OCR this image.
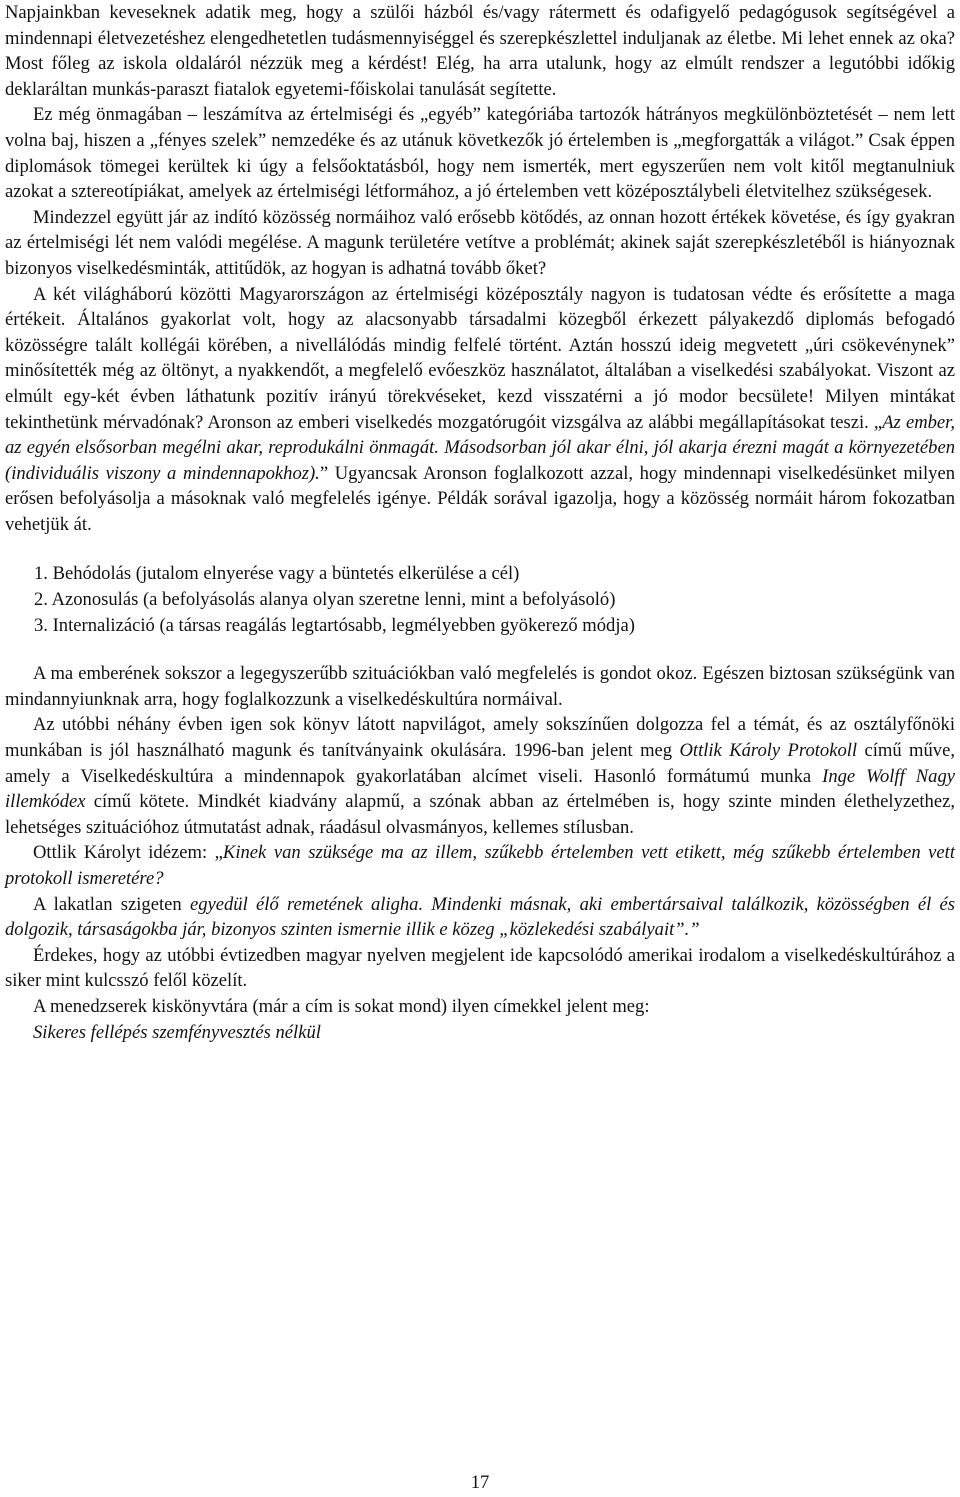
Napjainkban keveseknek adatik meg, hogy a szülői házból és/vagy rátermett és odafigyelő pedagógusok segítségével a mindennapi életvezetéshez elengedhetetlen tudásmennyiséggel és szerepkészlettel induljanak az életbe. Mi lehet ennek az oka? Most főleg az iskola oldaláról nézzük meg a kérdést! Elég, ha arra utalunk, hogy az elmúlt rendszer a legutóbbi időkig deklaráltan munkás-paraszt fiatalok egyetemi-főiskolai tanulását segítette.

Ez még önmagában – leszámítva az értelmiségi és „egyéb” kategóriába tartozók hátrányos megkülönböztetését – nem lett volna baj, hiszen a „fényes szelek” nemzedéke és az utánuk következők jó értelemben is „megforgatták a világot.” Csak éppen diplomások tömegei kerültek ki úgy a felsőoktatásból, hogy nem ismerték, mert egyszerűen nem volt kitől megtanulniuk azokat a sztereotípiákat, amelyek az értelmiségi létformához, a jó értelemben vett középosztálybeli életvitelhez szükségesek.

Mindezzel együtt jár az indító közösség normáihoz való erősebb kötődés, az onnan hozott értékek követése, és így gyakran az értelmiségi lét nem valódi megélése. A magunk területére vetítve a problémát; akinek saját szerepkészletéből is hiányoznak bizonyos viselkedésminták, attitűdök, az hogyan is adhatná tovább őket?

A két világháború közötti Magyarországon az értelmiségi középosztály nagyon is tudatosan védte és erősítette a maga értékeit. Általános gyakorlat volt, hogy az alacsonyabb társadalmi közegből érkezett pályakezdő diplomás befogadó közösségre talált kollégái körében, a nivellálódás mindig felfelé történt. Aztán hosszú ideig megvetett „úri csökevénynek” minősítették még az öltönyt, a nyakkendőt, a megfelelő evőeszköz használatot, általában a viselkedési szabályokat. Viszont az elmúlt egy-két évben láthatunk pozitív irányú törekvéseket, kezd visszatérni a jó modor becsülete! Milyen mintákat tekinthetünk mérvadónak? Aronson az emberi viselkedés mozgatórugóit vizsgálva az alábbi megállapításokat teszi. „Az ember, az egyén elsősorban megélni akar, reprodukálni önmagát. Másodsorban jól akar élni, jól akarja érezni magát a környezetében (individuális viszony a mindennapokhoz).” Ugyancsak Aronson foglalkozott azzal, hogy mindennapi viselkedésünket milyen erősen befolyásolja a másoknak való megfelelés igénye. Példák sorával igazolja, hogy a közösség normáit három fokozatban vehetjük át.

1. Behódolás (jutalom elnyerése vagy a büntetés elkerülése a cél)
2. Azonosulás (a befolyásolás alanya olyan szeretne lenni, mint a befolyásoló)
3. Internalizáció (a társas reagálás legtartósabb, legmélyebben gyökerező módja)

A ma emberének sokszor a legegyszerűbb szituációkban való megfelelés is gondot okoz. Egészen biztosan szükségünk van mindannyiunknak arra, hogy foglalkozzunk a viselkedéskultúra normáival.

Az utóbbi néhány évben igen sok könyv látott napvilágot, amely sokszínűen dolgozza fel a témát, és az osztályfőnöki munkában is jól használható magunk és tanítványaink okulására. 1996-ban jelent meg Ottlik Károly Protokoll című műve, amely a Viselkedéskultúra a mindennapok gyakorlatában alcímet viseli. Hasonló formátumú munka Inge Wolff Nagy illemkódex című kötete. Mindkét kiadvány alapmű, a szónak abban az értelmében is, hogy szinte minden élethelyzethez, lehetséges szituációhoz útmutatást adnak, ráadásul olvasmányos, kellemes stílusban.

Ottlik Károlyt idézem: „Kinek van szüksége ma az illem, szűkebb értelemben vett etikett, még szűkebb értelemben vett protokoll ismeretére?

A lakatlan szigeten egyedül élő remetének aligha. Mindenki másnak, aki embertársaival találkozik, közösségben él és dolgozik, társaságokba jár, bizonyos szinten ismernie illik e közeg „közlekedési szabályait”.”

Érdekes, hogy az utóbbi évtizedben magyar nyelven megjelent ide kapcsolódó amerikai irodalom a viselkedéskultúrához a siker mint kulcsszó felől közelít.

A menedzserek kiskönyvtára (már a cím is sokat mond) ilyen címekkel jelent meg:

Sikeres fellépés szemfényvesztés nélkül

17
